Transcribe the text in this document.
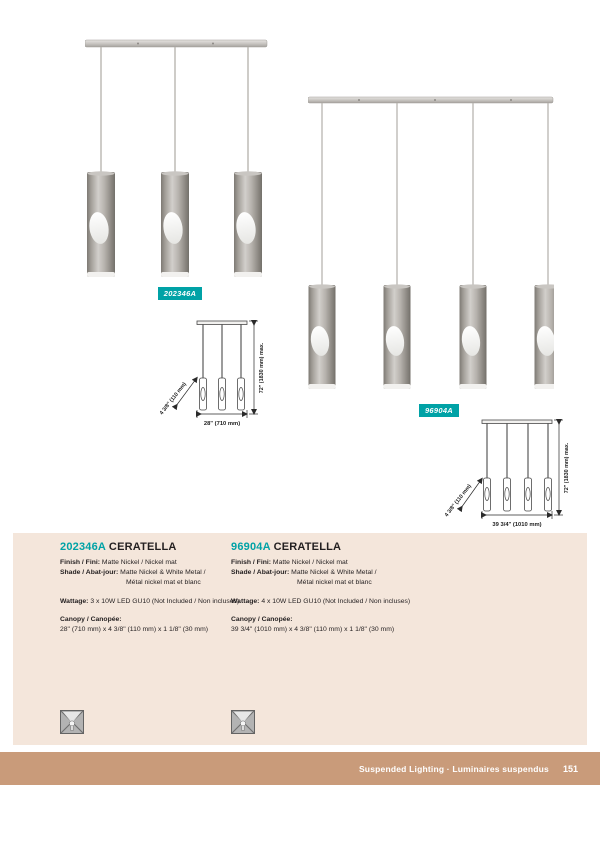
202346A
72" (1830 mm) max.
28" (710 mm)
4 3/8" (110 mm)	96904A
72" (1830 mm) max.
39 3/4" (1010 mm)
4 3/8" (110 mm)
202346A CERATELLA
Finish / Fini: Matte Nickel / Nickel mat
Shade / Abat-jour: Matte Nickel & White Metal /
Métal nickel mat et blanc
Wattage: 3 x 10W LED GU10 (Not Included / Non incluses)
Canopy / Canopée:
28" (710 mm) x 4 3/8" (110 mm) x 1 1/8" (30 mm)
96904A CERATELLA
Finish / Fini: Matte Nickel / Nickel mat
Shade / Abat-jour: Matte Nickel & White Metal /
Métal nickel mat et blanc
Wattage: 4 x 10W LED GU10 (Not Included / Non incluses)
Canopy / Canopée:
39 3/4" (1010 mm) x 4 3/8" (110 mm) x 1 1/8" (30 mm)
Suspended Lighting · Luminaires suspendus 151
